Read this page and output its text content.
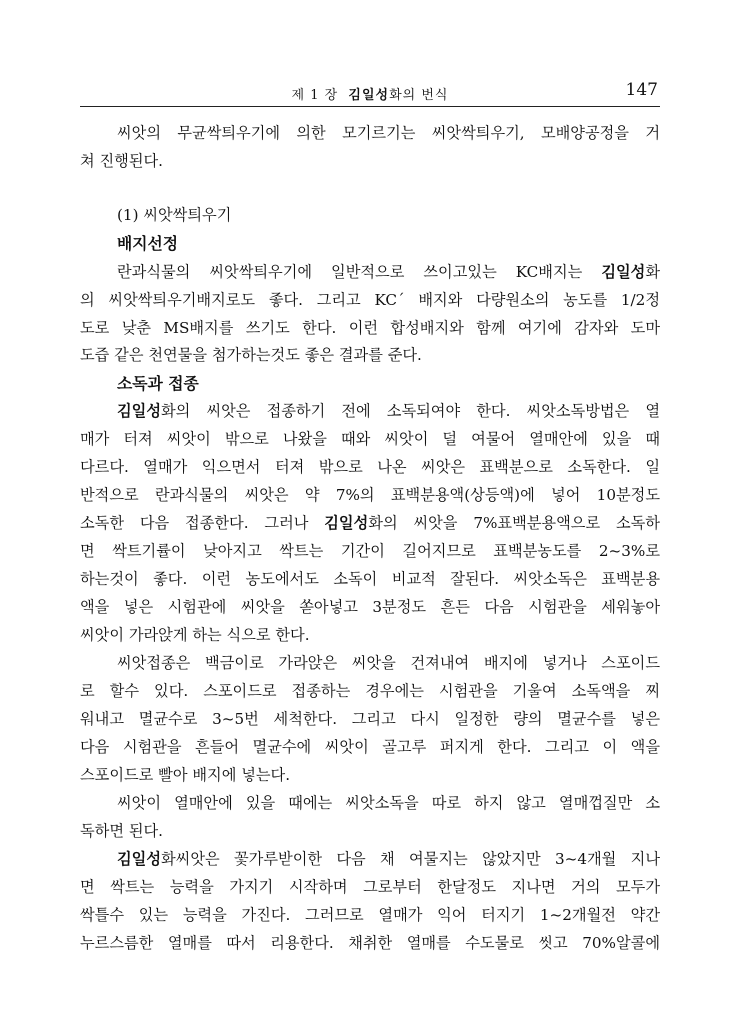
제 1 장 김일성화의 번식	147
씨앗의 무균싹틔우기에 의한 모기르기는 씨앗싹틔우기, 모배양공정을 거
쳐 진행된다.
(1) 씨앗싹틔우기
배지선정
란과식물의 씨앗싹틔우기에 일반적으로 쓰이고있는 KC배지는 김일성화
의 씨앗싹틔우기배지로도 좋다. 그리고 KC´ 배지와 다량원소의 농도를 1/2정
도로 낮춘 MS배지를 쓰기도 한다. 이런 합성배지와 함께 여기에 감자와 도마
도즙 같은 천연물을 첨가하는것도 좋은 결과를 준다.
소독과 접종
김일성화의 씨앗은 접종하기 전에 소독되여야 한다. 씨앗소독방법은 열
매가 터져 씨앗이 밖으로 나왔을 때와 씨앗이 덜 여물어 열매안에 있을 때
다르다. 열매가 익으면서 터져 밖으로 나온 씨앗은 표백분으로 소독한다. 일
반적으로 란과식물의 씨앗은 약 7%의 표백분용액(상등액)에 넣어 10분정도
소독한 다음 접종한다. 그러나 김일성화의 씨앗을 7%표백분용액으로 소독하
면 싹트기률이 낮아지고 싹트는 기간이 길어지므로 표백분농도를 2~3%로
하는것이 좋다. 이런 농도에서도 소독이 비교적 잘된다. 씨앗소독은 표백분용
액을 넣은 시험관에 씨앗을 쏟아넣고 3분정도 흔든 다음 시험관을 세워놓아
씨앗이 가라앉게 하는 식으로 한다.
씨앗접종은 백금이로 가라앉은 씨앗을 건져내여 배지에 넣거나 스포이드
로 할수 있다. 스포이드로 접종하는 경우에는 시험관을 기울여 소독액을 찌
워내고 멸균수로 3~5번 세척한다. 그리고 다시 일정한 량의 멸균수를 넣은
다음 시험관을 흔들어 멸균수에 씨앗이 골고루 퍼지게 한다. 그리고 이 액을
스포이드로 빨아 배지에 넣는다.
씨앗이 열매안에 있을 때에는 씨앗소독을 따로 하지 않고 열매껍질만 소
독하면 된다.
김일성화씨앗은 꽃가루받이한 다음 채 여물지는 않았지만 3~4개월 지나
면 싹트는 능력을 가지기 시작하며 그로부터 한달정도 지나면 거의 모두가
싹틀수 있는 능력을 가진다. 그러므로 열매가 익어 터지기 1~2개월전 약간
누르스름한 열매를 따서 리용한다. 채취한 열매를 수도물로 씻고 70%알콜에
